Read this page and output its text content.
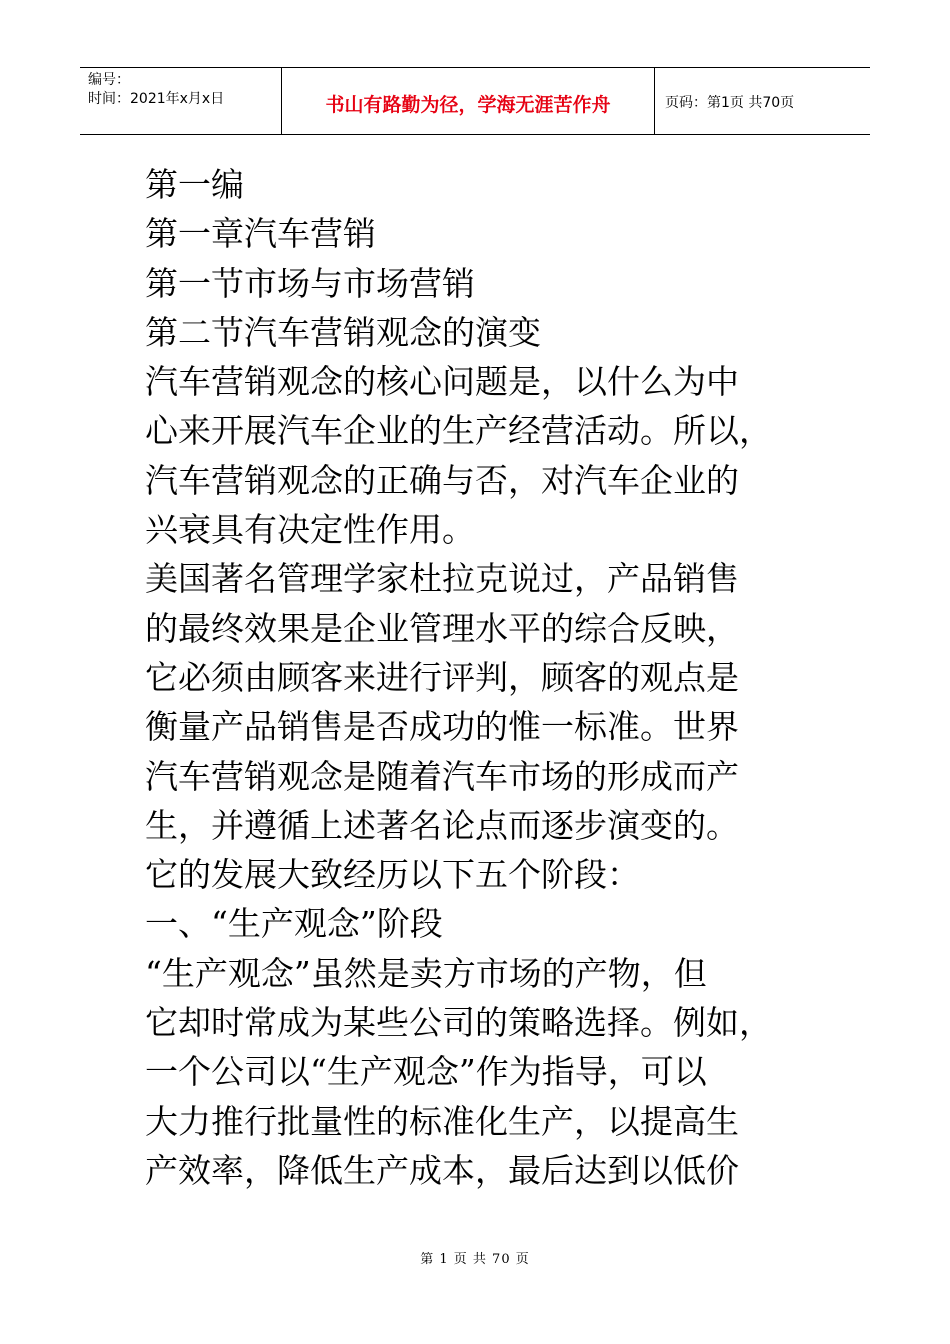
编号：
时间：2021年x月x日	书山有路勤为径，学海无涯苦作舟	页码：第1页 共70页

第一编

第一章汽车营销

第一节市场与市场营销

第二节汽车营销观念的演变

汽车营销观念的核心问题是，以什么为中

心来开展汽车企业的生产经营活动。所以，

汽车营销观念的正确与否，对汽车企业的

兴衰具有决定性作用。

美国著名管理学家杜拉克说过，产品销售

的最终效果是企业管理水平的综合反映，

它必须由顾客来进行评判，顾客的观点是

衡量产品销售是否成功的惟一标准。世界

汽车营销观念是随着汽车市场的形成而产

生，并遵循上述著名论点而逐步演变的。

它的发展大致经历以下五个阶段：

一、“生产观念”阶段

“生产观念”虽然是卖方市场的产物，但

它却时常成为某些公司的策略选择。例如，

一个公司以“生产观念”作为指导，可以

大力推行批量性的标准化生产，以提高生

产效率，降低生产成本，最后达到以低价

第 1 页 共 70 页
